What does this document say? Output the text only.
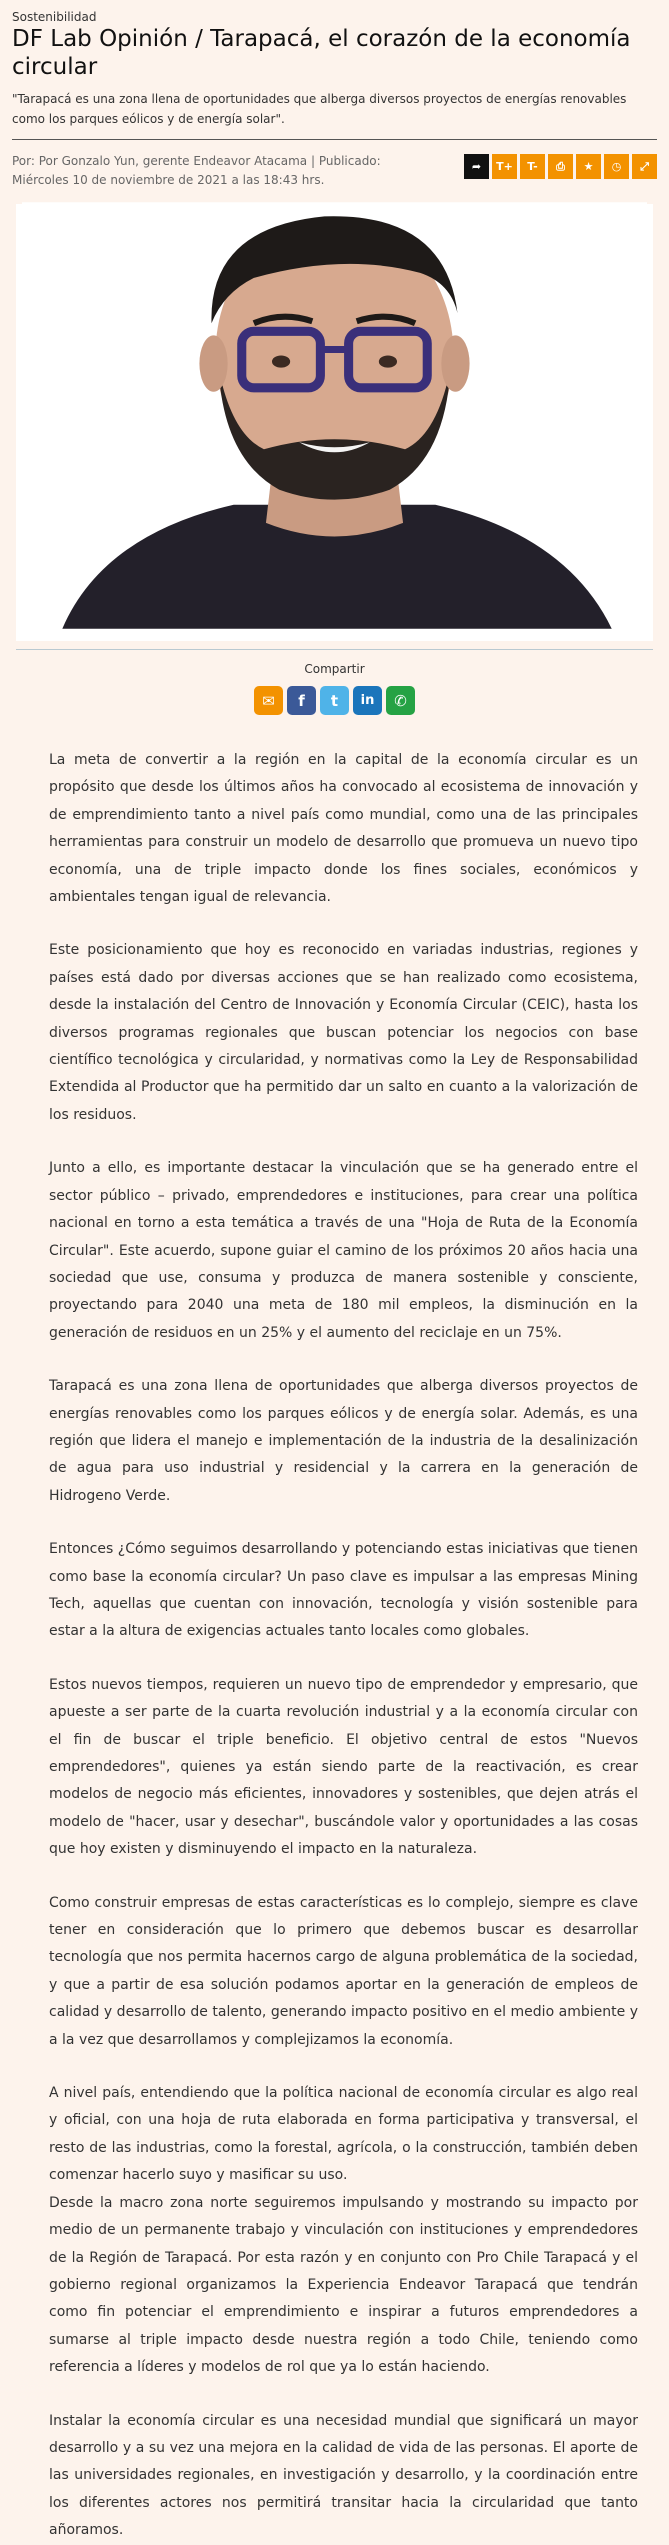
Sostenibilidad
DF Lab Opinión / Tarapacá, el corazón de la economía circular
"Tarapacá es una zona llena de oportunidades que alberga diversos proyectos de energías renovables como los parques eólicos y de energía solar".
Por: Por Gonzalo Yun, gerente Endeavor Atacama | Publicado:
Miércoles 10 de noviembre de 2021 a las 18:43 hrs.
➦ T+ T- ⎙ ★ ◷ ⤢
Compartir
✉ f t in ✆

La meta de convertir a la región en la capital de la economía circular es un propósito que desde los últimos años ha convocado al ecosistema de innovación y de emprendimiento tanto a nivel país como mundial, como una de las principales herramientas para construir un modelo de desarrollo que promueva un nuevo tipo economía, una de triple impacto donde los fines sociales, económicos y ambientales tengan igual de relevancia.

Este posicionamiento que hoy es reconocido en variadas industrias, regiones y países está dado por diversas acciones que se han realizado como ecosistema, desde la instalación del Centro de Innovación y Economía Circular (CEIC), hasta los diversos programas regionales que buscan potenciar los negocios con base científico tecnológica y circularidad, y normativas como la Ley de Responsabilidad Extendida al Productor que ha permitido dar un salto en cuanto a la valorización de los residuos.

Junto a ello, es importante destacar la vinculación que se ha generado entre el sector público – privado, emprendedores e instituciones, para crear una política nacional en torno a esta temática a través de una "Hoja de Ruta de la Economía Circular". Este acuerdo, supone guiar el camino de los próximos 20 años hacia una sociedad que use, consuma y produzca de manera sostenible y consciente, proyectando para 2040 una meta de 180 mil empleos, la disminución en la generación de residuos en un 25% y el aumento del reciclaje en un 75%.

Tarapacá es una zona llena de oportunidades que alberga diversos proyectos de energías renovables como los parques eólicos y de energía solar. Además, es una región que lidera el manejo e implementación de la industria de la desalinización de agua para uso industrial y residencial y la carrera en la generación de Hidrogeno Verde.

Entonces ¿Cómo seguimos desarrollando y potenciando estas iniciativas que tienen como base la economía circular? Un paso clave es impulsar a las empresas Mining Tech, aquellas que cuentan con innovación, tecnología y visión sostenible para estar a la altura de exigencias actuales tanto locales como globales.

Estos nuevos tiempos, requieren un nuevo tipo de emprendedor y empresario, que apueste a ser parte de la cuarta revolución industrial y a la economía circular con el fin de buscar el triple beneficio. El objetivo central de estos "Nuevos emprendedores", quienes ya están siendo parte de la reactivación, es crear modelos de negocio más eficientes, innovadores y sostenibles, que dejen atrás el modelo de "hacer, usar y desechar", buscándole valor y oportunidades a las cosas que hoy existen y disminuyendo el impacto en la naturaleza.

Como construir empresas de estas características es lo complejo, siempre es clave tener en consideración que lo primero que debemos buscar es desarrollar tecnología que nos permita hacernos cargo de alguna problemática de la sociedad, y que a partir de esa solución podamos aportar en la generación de empleos de calidad y desarrollo de talento, generando impacto positivo en el medio ambiente y a la vez que desarrollamos y complejizamos la economía.

A nivel país, entendiendo que la política nacional de economía circular es algo real y oficial, con una hoja de ruta elaborada en forma participativa y transversal, el resto de las industrias, como la forestal, agrícola, o la construcción, también deben comenzar hacerlo suyo y masificar su uso.

Desde la macro zona norte seguiremos impulsando y mostrando su impacto por medio de un permanente trabajo y vinculación con instituciones y emprendedores de la Región de Tarapacá. Por esta razón y en conjunto con Pro Chile Tarapacá y el gobierno regional organizamos la Experiencia Endeavor Tarapacá que tendrán como fin potenciar el emprendimiento e inspirar a futuros emprendedores a sumarse al triple impacto desde nuestra región a todo Chile, teniendo como referencia a líderes y modelos de rol que ya lo están haciendo.

Instalar la economía circular es una necesidad mundial que significará un mayor desarrollo y a su vez una mejora en la calidad de vida de las personas. El aporte de las universidades regionales, en investigación y desarrollo, y la coordinación entre los diferentes actores nos permitirá transitar hacia la circularidad que tanto añoramos.
